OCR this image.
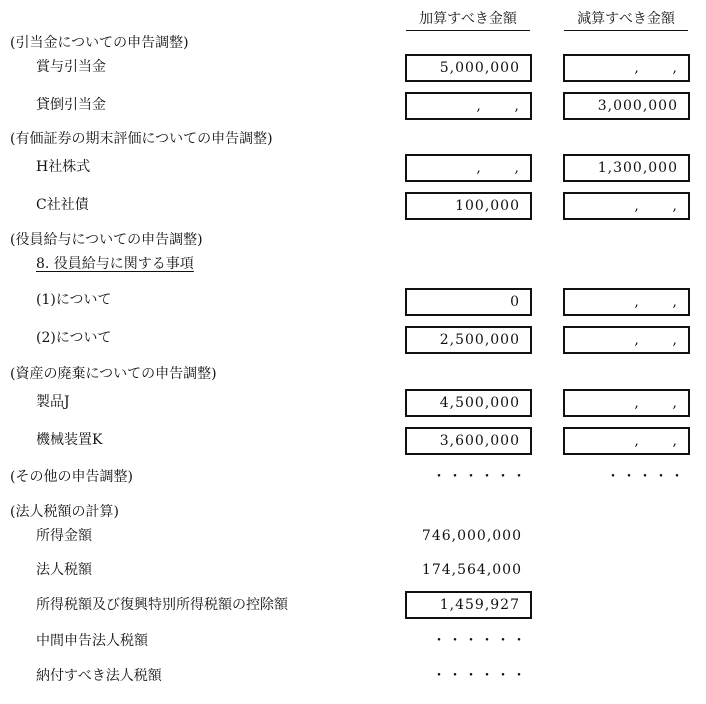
加算すべき金額	減算すべき金額
(引当金についての申告調整)
賞与引当金	5,000,000	,      ,
貸倒引当金	,      ,	3,000,000
(有価証券の期末評価についての申告調整)
H社株式	,      ,	1,300,000
C社社債	100,000	,      ,
(役員給与についての申告調整)
8. 役員給与に関する事項
(1)について	0	,      ,
(2)について	2,500,000	,      ,
(資産の廃棄についての申告調整)
製品J	4,500,000	,      ,
機械装置K	3,600,000	,      ,
(その他の申告調整)	・・・・・・	・・・・・
(法人税額の計算)
所得金額	746,000,000
法人税額	174,564,000
所得税額及び復興特別所得税額の控除額	1,459,927
中間申告法人税額	・・・・・・
納付すべき法人税額	・・・・・・
